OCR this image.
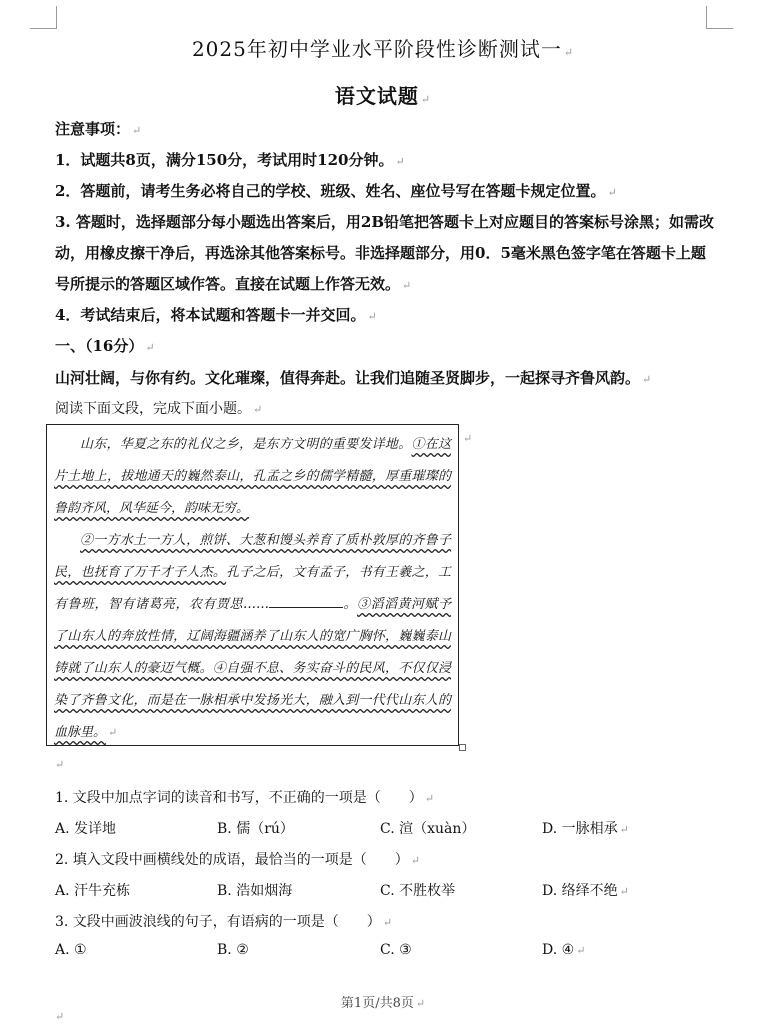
2025年初中学业水平阶段性诊断测试一 ↵
语文试题 ↵

注意事项： ↵

1．试题共8页，满分150分，考试用时120分钟。 ↵

2．答题前，请考生务必将自己的学校、班级、姓名、座位号写在答题卡规定位置。 ↵

3. 答题时，选择题部分每小题选出答案后，用2B铅笔把答题卡上对应题目的答案标号涂黑；如需改动，用橡皮擦干净后，再选涂其他答案标号。非选择题部分，用0．5毫米黑色签字笔在答题卡上题号所提示的答题区域作答。直接在试题上作答无效。 ↵

4．考试结束后，将本试题和答题卡一并交回。 ↵

一、（16分） ↵

山河壮阔，与你有约。文化璀璨，值得奔赴。让我们追随圣贤脚步，一起探寻齐鲁风韵。 ↵

阅读下面文段，完成下面小题。 ↵

山东，华夏之东的礼仪之乡，是东方文明的重要发详地。①在这片土地上，拔地通天的巍然泰山，孔孟之乡的儒学精髓，厚重璀璨的鲁韵齐风，风华延今，韵味无穷。

②一方水土一方人，煎饼、大葱和馒头养育了质朴敦厚的齐鲁子民，也抚育了万千才子人杰。孔子之后，文有孟子，书有王羲之，工有鲁班，智有诸葛亮，农有贾思……	。③滔滔黄河赋予了山东人的奔放性情，辽阔海疆涵养了山东人的宽广胸怀，巍巍泰山铸就了山东人的豪迈气概。④自强不息、务实奋斗的民风，不仅仅浸染了齐鲁文化，而是在一脉相承中发扬光大，融入到一代代山东人的血脉里。 ↵

↵
↵
1. 文段中加点字词的读音和书写，不正确的一项是（　　） ↵
A. 发详地	B. 儒（rú）	C. 渲（xuàn）	D. 一脉相承 ↵
2. 填入文段中画横线处的成语，最恰当的一项是（　　） ↵
A. 汗牛充栋	B. 浩如烟海	C. 不胜枚举	D. 络绎不绝 ↵
3. 文段中画波浪线的句子，有语病的一项是（　　） ↵
A. ①	B. ②	C. ③	D. ④ ↵
第1页/共8页 ↵
↵
